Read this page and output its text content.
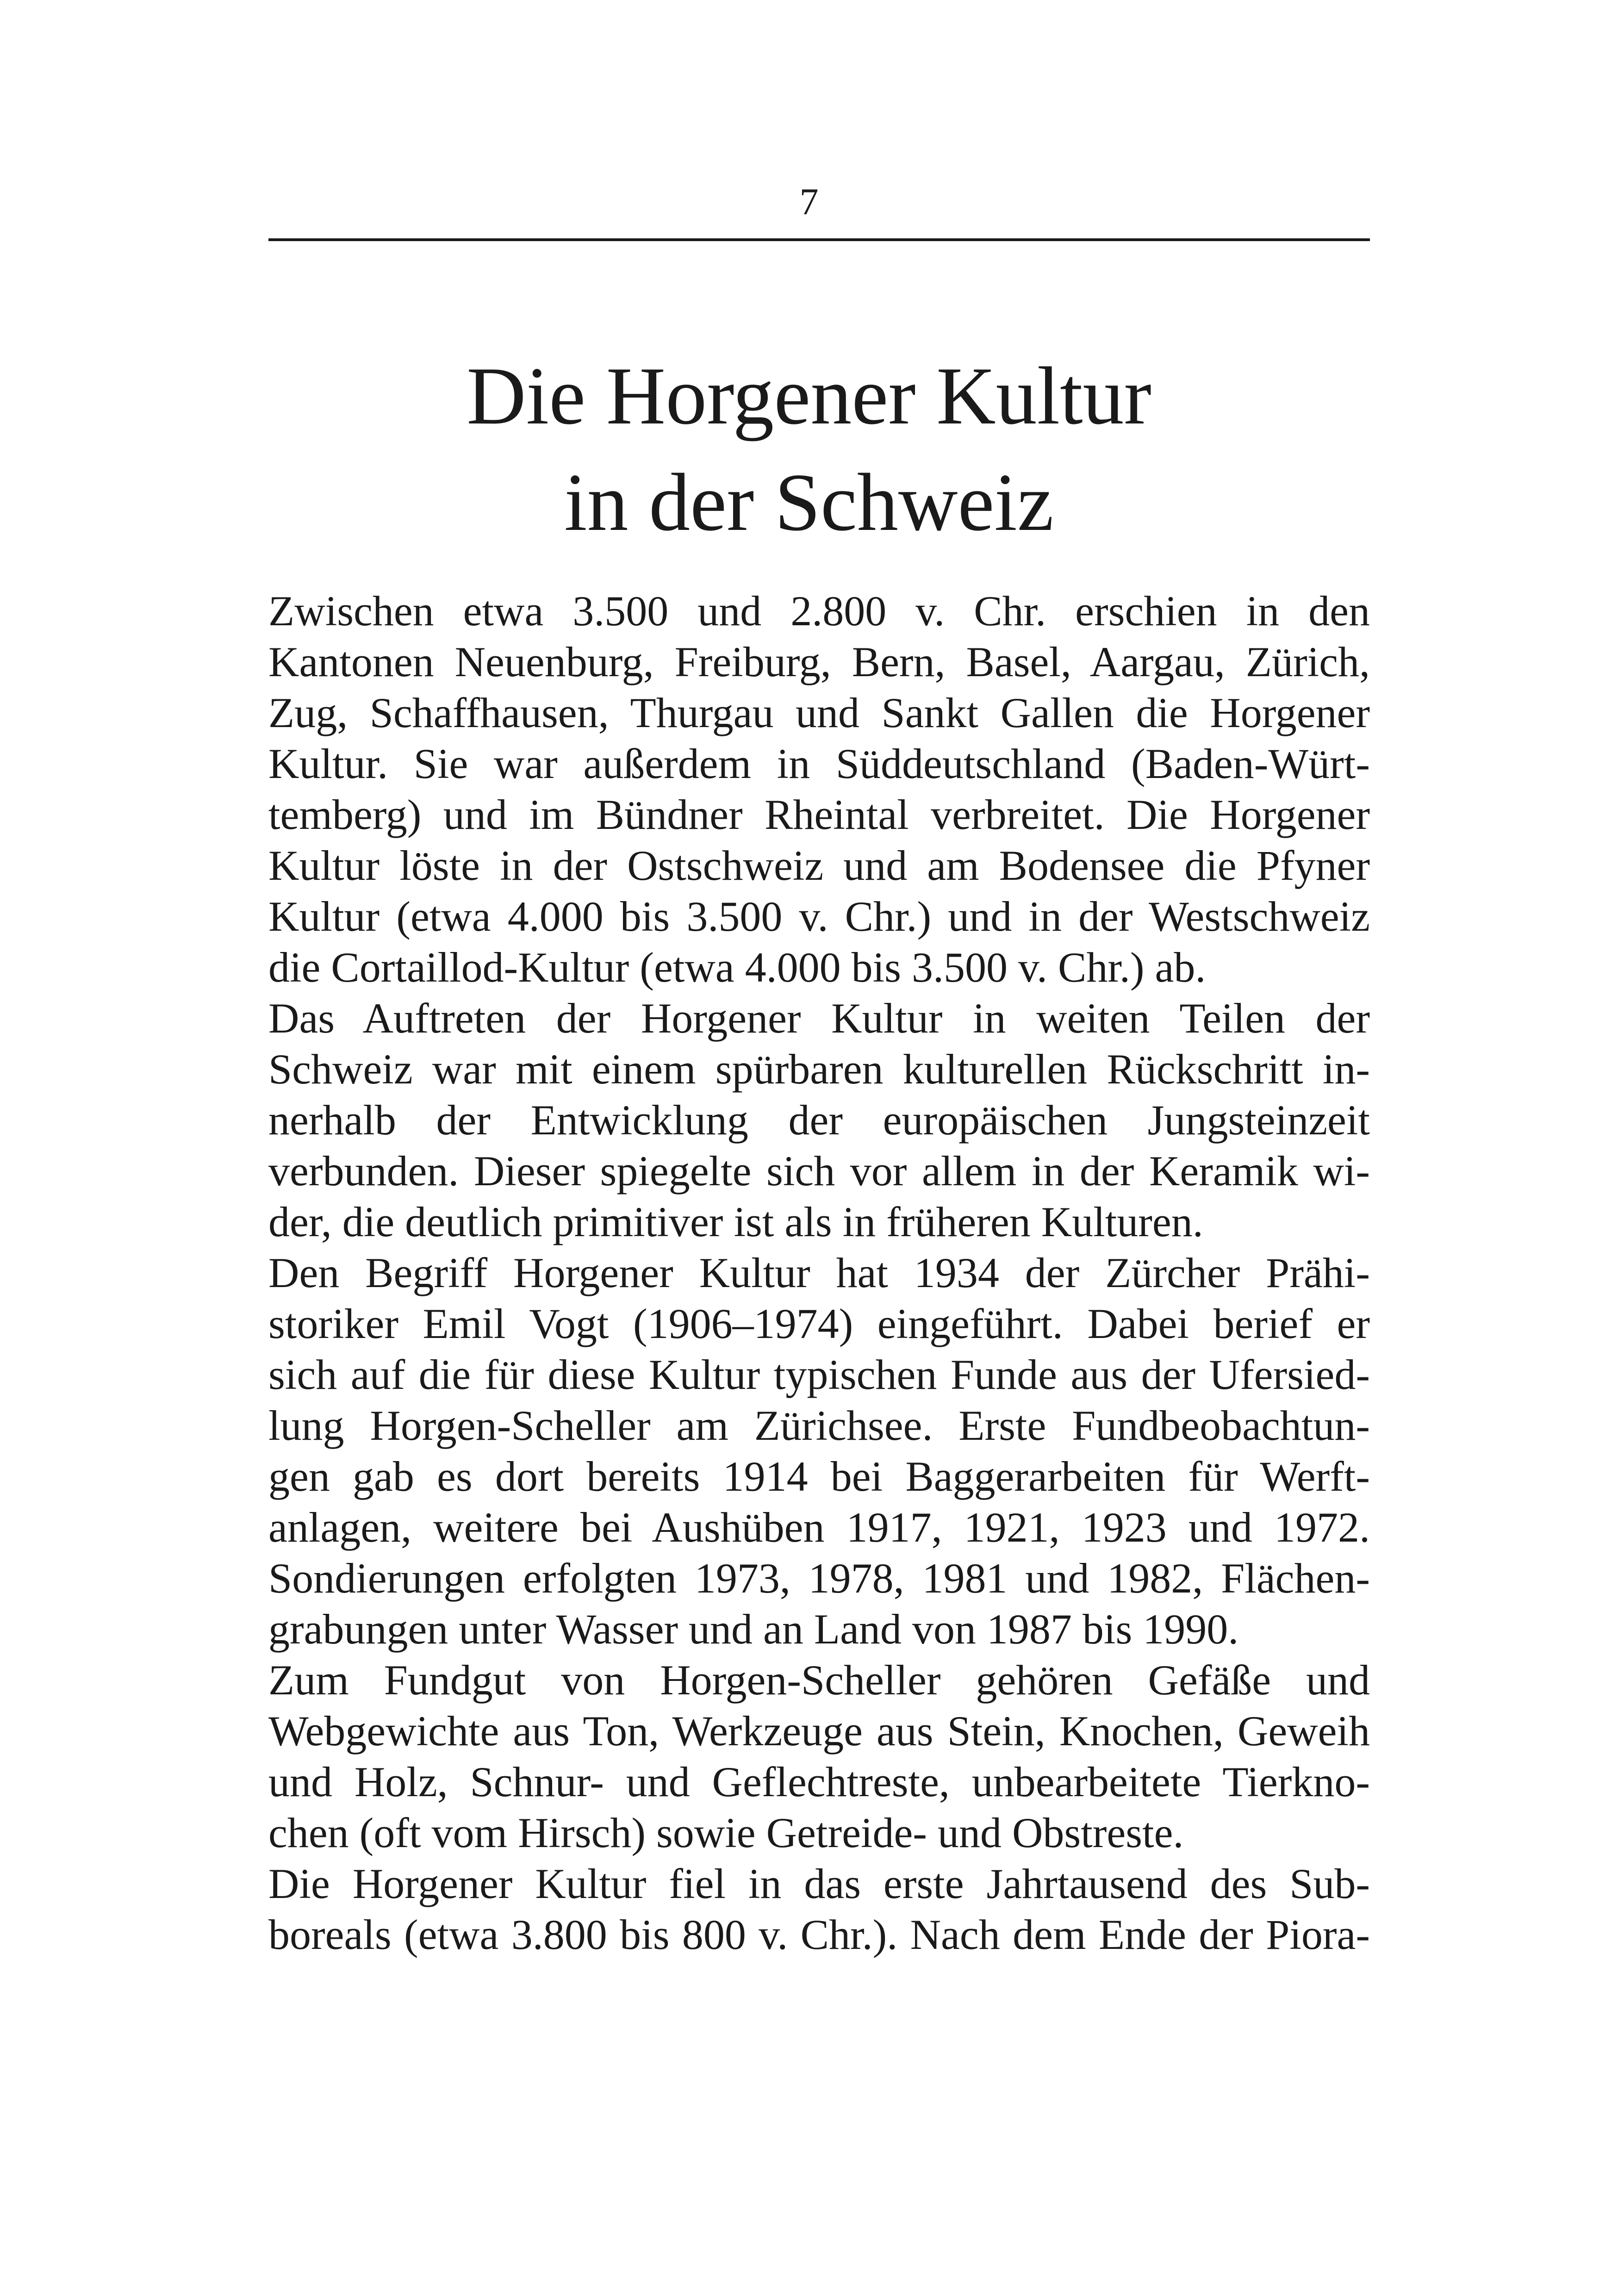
7
Die Horgener Kultur
in der Schweiz

Zwischen etwa 3.500 und 2.800 v. Chr. erschien in den
Kantonen Neuenburg, Freiburg, Bern, Basel, Aargau, Zürich,
Zug, Schaffhausen, Thurgau und Sankt Gallen die Horgener
Kultur. Sie war außerdem in Süddeutschland (Baden-Würt-
temberg) und im Bündner Rheintal verbreitet. Die Horgener
Kultur löste in der Ostschweiz und am Bodensee die Pfyner
Kultur (etwa 4.000 bis 3.500 v. Chr.) und in der Westschweiz
die Cortaillod-Kultur (etwa 4.000 bis 3.500 v. Chr.) ab.

Das Auftreten der Horgener Kultur in weiten Teilen der
Schweiz war mit einem spürbaren kulturellen Rückschritt in-
nerhalb der Entwicklung der europäischen Jungsteinzeit
verbunden. Dieser spiegelte sich vor allem in der Keramik wi-
der, die deutlich primitiver ist als in früheren Kulturen.

Den Begriff Horgener Kultur hat 1934 der Zürcher Prähi-
storiker Emil Vogt (1906–1974) eingeführt. Dabei berief er
sich auf die für diese Kultur typischen Funde aus der Ufersied-
lung Horgen-Scheller am Zürichsee. Erste Fundbeobachtun-
gen gab es dort bereits 1914 bei Baggerarbeiten für Werft-
anlagen, weitere bei Aushüben 1917, 1921, 1923 und 1972.
Sondierungen erfolgten 1973, 1978, 1981 und 1982, Flächen-
grabungen unter Wasser und an Land von 1987 bis 1990.

Zum Fundgut von Horgen-Scheller gehören Gefäße und
Webgewichte aus Ton, Werkzeuge aus Stein, Knochen, Geweih
und Holz, Schnur- und Geflechtreste, unbearbeitete Tierkno-
chen (oft vom Hirsch) sowie Getreide- und Obstreste.

Die Horgener Kultur fiel in das erste Jahrtausend des Sub-
boreals (etwa 3.800 bis 800 v. Chr.). Nach dem Ende der Piora-
